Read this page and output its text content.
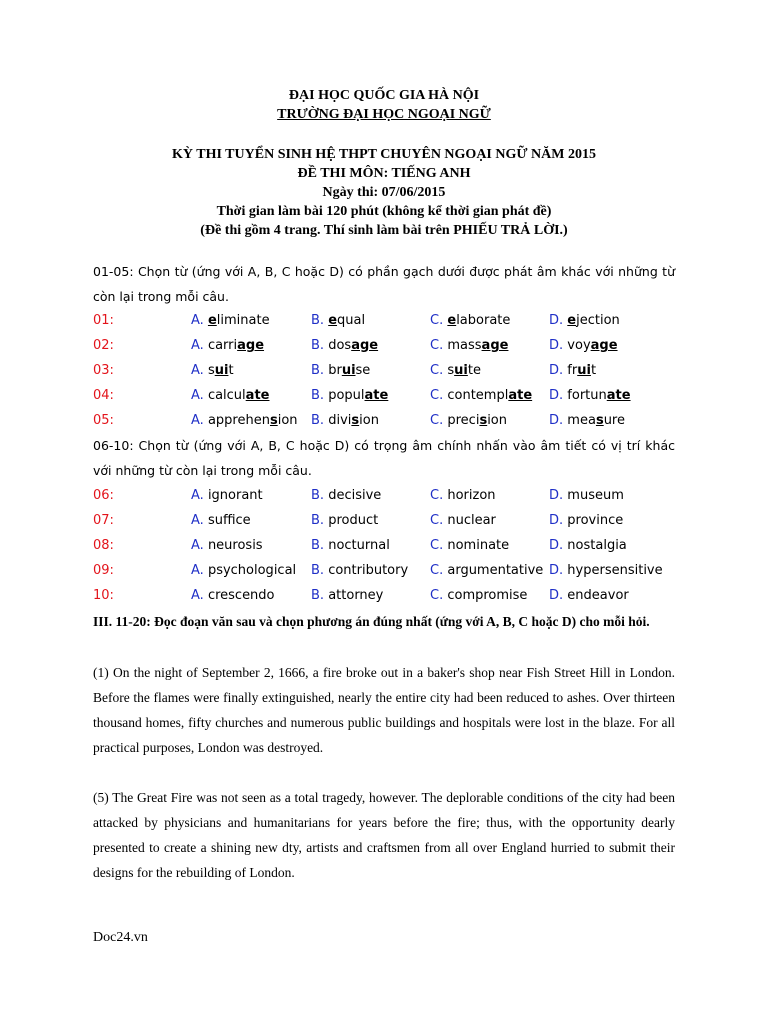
ĐẠI HỌC QUỐC GIA HÀ NỘI
TRƯỜNG ĐẠI HỌC NGOẠI NGỮ
KỲ THI TUYỂN SINH HỆ THPT CHUYÊN NGOẠI NGỮ NĂM 2015
ĐỀ THI MÔN: TIẾNG ANH
Ngày thi: 07/06/2015
Thời gian làm bài 120 phút (không kể thời gian phát đề)
(Đề thi gồm 4 trang. Thí sinh làm bài trên PHIẾU TRẢ LỜI.)
01-05: Chọn từ (ứng với A, B, C hoặc D) có phần gạch dưới được phát âm khác với những từ còn lại trong mỗi câu.
01:	A. eliminate	B. equal	C. elaborate	D. ejection
02:	A. carriage	B. dosage	C. massage	D. voyage
03:	A. suit	B. bruise	C. suite	D. fruit
04:	A. calculate	B. populate	C. contemplate D. fortunate
05:	A. apprehension B. division	C. precision	D. measure
06-10: Chọn từ (ứng với A, B, C hoặc D) có trọng âm chính nhấn vào âm tiết có vị trí khác với những từ còn lại trong mỗi câu.
06:	A. ignorant	B. decisive	C. horizon	D. museum
07:	A. suffice	B. product	C. nuclear	D. province
08:	A. neurosis	B. nocturnal	C. nominate	D. nostalgia
09:	A. psychological B. contributory C. argumentative D. hypersensitive
10:	A. crescendo	B. attorney	C. compromise D. endeavor
III. 11-20: Đọc đoạn văn sau và chọn phương án đúng nhất (ứng với A, B, C hoặc D) cho mỗi hỏi.
(1) On the night of September 2, 1666, a fire broke out in a baker's shop near Fish Street Hill in London. Before the flames were finally extinguished, nearly the entire city had been reduced to ashes. Over thirteen thousand homes, fifty churches and numerous public buildings and hospitals were lost in the blaze. For all practical purposes, London was destroyed.
(5) The Great Fire was not seen as a total tragedy, however. The deplorable conditions of the city had been attacked by physicians and humanitarians for years before the fire; thus, with the opportunity dearly presented to create a shining new dty, artists and craftsmen from all over England hurried to submit their designs for the rebuilding of London.
Doc24.vn
